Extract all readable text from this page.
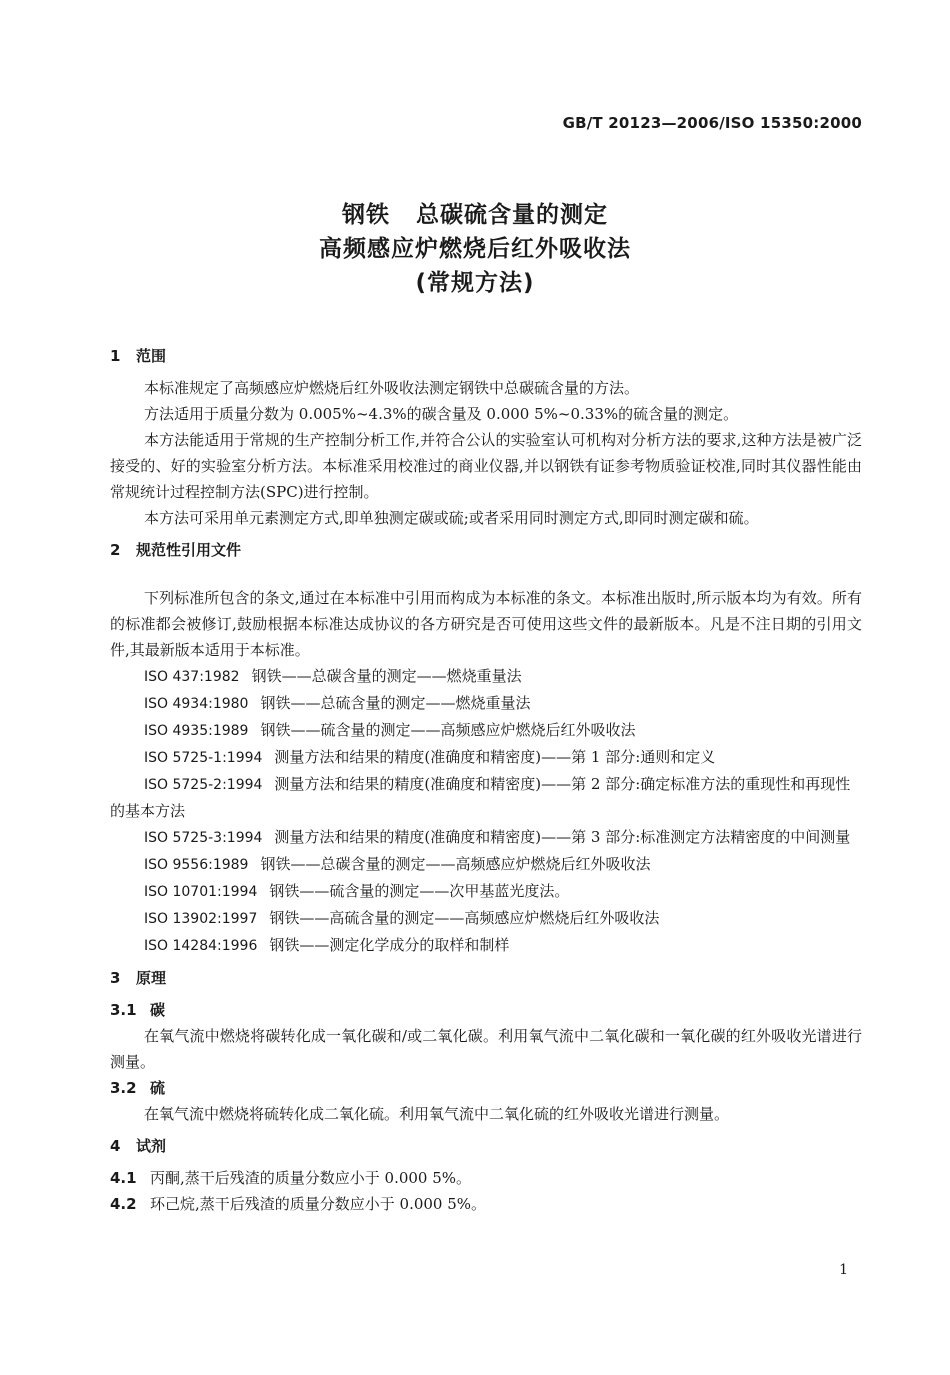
GB/T 20123—2006/ISO 15350:2000
钢铁 总碳硫含量的测定
高频感应炉燃烧后红外吸收法
(常规方法)
1 范围

本标准规定了高频感应炉燃烧后红外吸收法测定钢铁中总碳硫含量的方法。

方法适用于质量分数为 0.005%~4.3%的碳含量及 0.000 5%~0.33%的硫含量的测定。

本方法能适用于常规的生产控制分析工作,并符合公认的实验室认可机构对分析方法的要求,这种方法是被广泛接受的、好的实验室分析方法。本标准采用校准过的商业仪器,并以钢铁有证参考物质验证校准,同时其仪器性能由常规统计过程控制方法(SPC)进行控制。

本方法可采用单元素测定方式,即单独测定碳或硫;或者采用同时测定方式,即同时测定碳和硫。

2 规范性引用文件

下列标准所包含的条文,通过在本标准中引用而构成为本标准的条文。本标准出版时,所示版本均为有效。所有的标准都会被修订,鼓励根据本标准达成协议的各方研究是否可使用这些文件的最新版本。凡是不注日期的引用文件,其最新版本适用于本标准。

ISO 437:1982 钢铁——总碳含量的测定——燃烧重量法

ISO 4934:1980 钢铁——总硫含量的测定——燃烧重量法

ISO 4935:1989 钢铁——硫含量的测定——高频感应炉燃烧后红外吸收法

ISO 5725-1:1994 测量方法和结果的精度(准确度和精密度)——第 1 部分:通则和定义

ISO 5725-2:1994 测量方法和结果的精度(准确度和精密度)——第 2 部分:确定标准方法的重现性和再现性的基本方法

ISO 5725-3:1994 测量方法和结果的精度(准确度和精密度)——第 3 部分:标准测定方法精密度的中间测量

ISO 9556:1989 钢铁——总碳含量的测定——高频感应炉燃烧后红外吸收法

ISO 10701:1994 钢铁——硫含量的测定——次甲基蓝光度法。

ISO 13902:1997 钢铁——高硫含量的测定——高频感应炉燃烧后红外吸收法

ISO 14284:1996 钢铁——测定化学成分的取样和制样

3 原理
3.1 碳

在氧气流中燃烧将碳转化成一氧化碳和/或二氧化碳。利用氧气流中二氧化碳和一氧化碳的红外吸收光谱进行测量。

3.2 硫

在氧气流中燃烧将硫转化成二氧化硫。利用氧气流中二氧化硫的红外吸收光谱进行测量。

4 试剂
4.1 丙酮,蒸干后残渣的质量分数应小于 0.000 5%。
4.2 环己烷,蒸干后残渣的质量分数应小于 0.000 5%。
1
